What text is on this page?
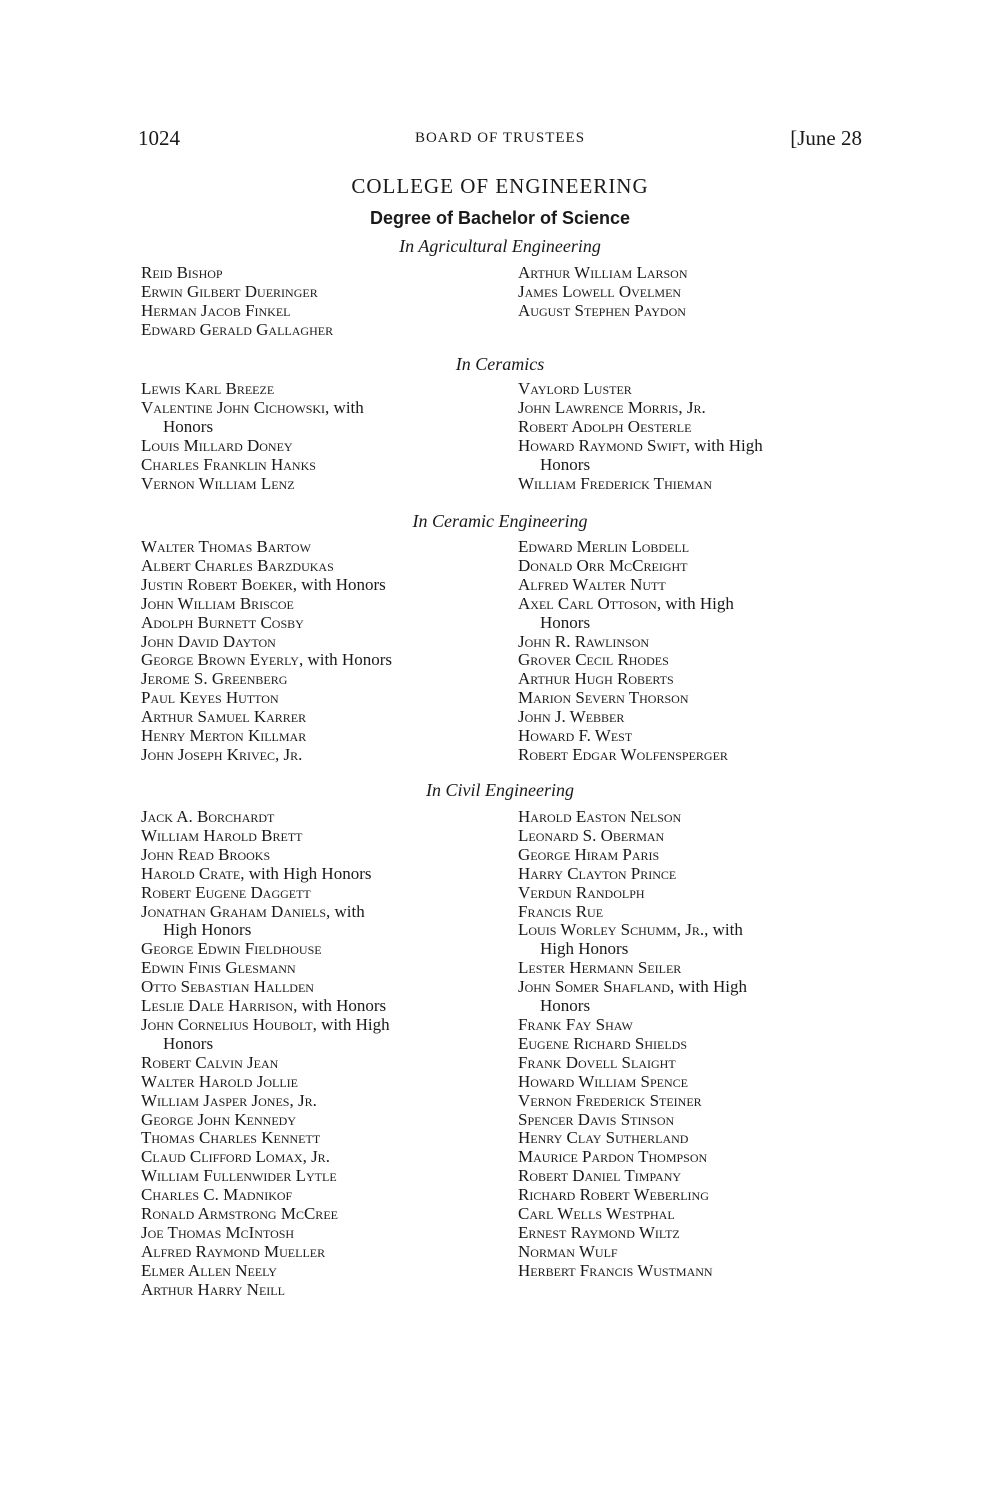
1024	BOARD OF TRUSTEES	[June 28
COLLEGE OF ENGINEERING
Degree of Bachelor of Science
In Agricultural Engineering
Reid Bishop
Erwin Gilbert Dueringer
Herman Jacob Finkel
Edward Gerald Gallagher
Arthur William Larson
James Lowell Ovelmen
August Stephen Paydon
In Ceramics
Lewis Karl Breeze
Valentine John Cichowski, with
Honors
Louis Millard Doney
Charles Franklin Hanks
Vernon William Lenz
Vaylord Luster
John Lawrence Morris, Jr.
Robert Adolph Oesterle
Howard Raymond Swift, with High
Honors
William Frederick Thieman
In Ceramic Engineering
Walter Thomas Bartow
Albert Charles Barzdukas
Justin Robert Boeker, with Honors
John William Briscoe
Adolph Burnett Cosby
John David Dayton
George Brown Eyerly, with Honors
Jerome S. Greenberg
Paul Keyes Hutton
Arthur Samuel Karrer
Henry Merton Killmar
John Joseph Krivec, Jr.
Edward Merlin Lobdell
Donald Orr McCreight
Alfred Walter Nutt
Axel Carl Ottoson, with High
Honors
John R. Rawlinson
Grover Cecil Rhodes
Arthur Hugh Roberts
Marion Severn Thorson
John J. Webber
Howard F. West
Robert Edgar Wolfensperger
In Civil Engineering
Jack A. Borchardt
William Harold Brett
John Read Brooks
Harold Crate, with High Honors
Robert Eugene Daggett
Jonathan Graham Daniels, with
High Honors
George Edwin Fieldhouse
Edwin Finis Glesmann
Otto Sebastian Hallden
Leslie Dale Harrison, with Honors
John Cornelius Houbolt, with High
Honors
Robert Calvin Jean
Walter Harold Jollie
William Jasper Jones, Jr.
George John Kennedy
Thomas Charles Kennett
Claud Clifford Lomax, Jr.
William Fullenwider Lytle
Charles C. Madnikof
Ronald Armstrong McCree
Joe Thomas McIntosh
Alfred Raymond Mueller
Elmer Allen Neely
Arthur Harry Neill
Harold Easton Nelson
Leonard S. Oberman
George Hiram Paris
Harry Clayton Prince
Verdun Randolph
Francis Rue
Louis Worley Schumm, Jr., with
High Honors
Lester Hermann Seiler
John Somer Shafland, with High
Honors
Frank Fay Shaw
Eugene Richard Shields
Frank Dovell Slaight
Howard William Spence
Vernon Frederick Steiner
Spencer Davis Stinson
Henry Clay Sutherland
Maurice Pardon Thompson
Robert Daniel Timpany
Richard Robert Weberling
Carl Wells Westphal
Ernest Raymond Wiltz
Norman Wulf
Herbert Francis Wustmann
